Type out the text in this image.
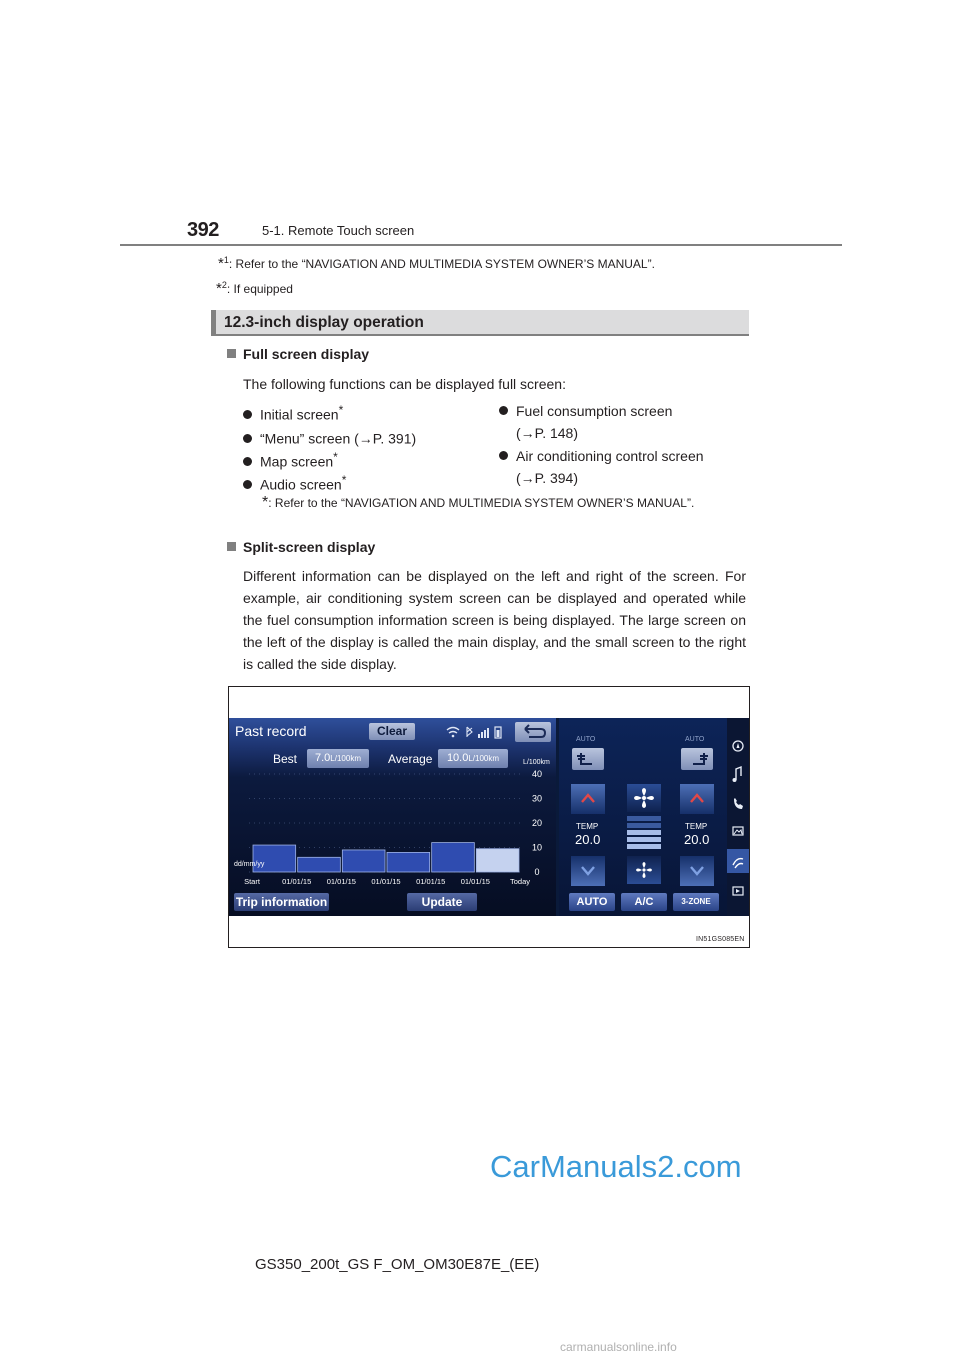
392	5-1. Remote Touch screen
*$^1$: Refer to the “NAVIGATION AND MULTIMEDIA SYSTEM OWNER’S MANUAL”.
*$^2$: If equipped
12.3-inch display operation
Full screen display
The following functions can be displayed full screen:
Initial screen*
“Menu” screen (→P. 391)
Map screen*
Audio screen*
Fuel consumption screen
(→P. 148)
Air conditioning control screen
(→P. 394)
*: Refer to the “NAVIGATION AND MULTIMEDIA SYSTEM OWNER’S MANUAL”.
Split-screen display
Different information can be displayed on the left and right of the screen. For example, air conditioning system screen can be displayed and operated while the fuel consumption information screen is being displayed. The large screen on the left of the display is called the main display, and the small screen to the right is called the side display.
Past record	Clear
Best	7.0L/100km	Average	10.0L/100km
0
10
20
30
40
Start	01/01/15 01/01/15 01/01/15 01/01/15 01/01/15	Today
L/100km
dd/mm/yy
Trip information	Update
AUTO	AUTO
TEMP
20.0
TEMP
20.0
AUTO	A/C	3-ZONE
IN51GS085EN
CarManuals2.com
GS350_200t_GS F_OM_OM30E87E_(EE)
carmanualsonline.info
